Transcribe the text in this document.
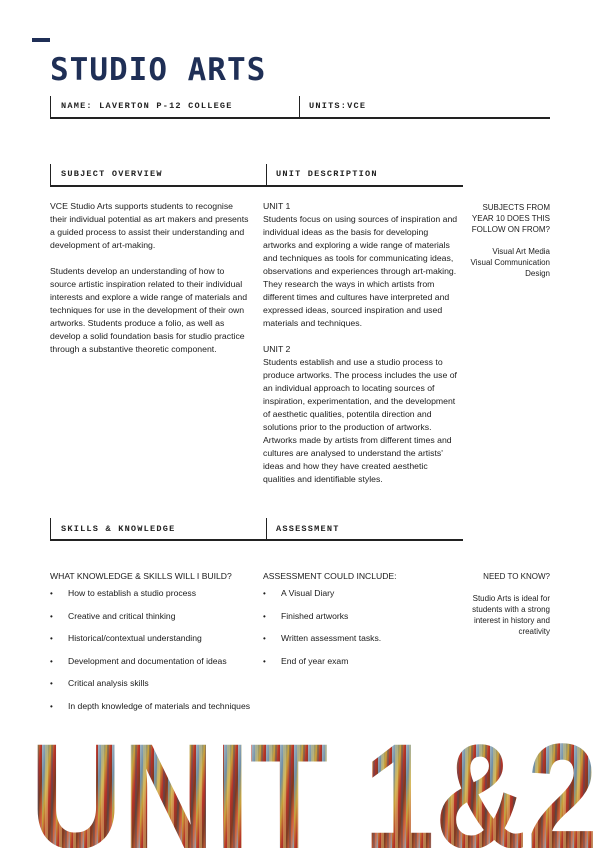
STUDIO ARTS
NAME: LAVERTON P-12 COLLEGE	UNITS:VCE
SUBJECT OVERVIEW	UNIT DESCRIPTION

VCE Studio Arts supports students to recognise their individual potential as art makers and presents a guided process to assist their understanding and development of art-making.

Students develop an understanding of how to source artistic inspiration related to their individual interests and explore a wide range of materials and techniques for use in the development of their own artworks. Students produce a folio, as well as develop a solid foundation basis for studio practice through a substantive theoretic component.

UNIT 1

Students focus on using sources of inspiration and individual ideas as the basis for developing artworks and exploring a wide range of materials and techniques as tools for communicating ideas, observations and experiences through art-making. They research the ways in which artists from different times and cultures have interpreted and expressed ideas, sourced inspiration and used materials and techniques.

UNIT 2

Students establish and use a studio process to produce artworks. The process includes the use of an individual approach to locating sources of inspiration, experimentation, and the development of aesthetic qualities, potentila direction and solutions prior to the production of artworks. Artworks made by artists from different times and cultures are analysed to understand the artists' ideas and how they have created aesthetic qualities and identifiable styles.

SUBJECTS FROM YEAR 10 DOES THIS FOLLOW ON FROM?

Visual Art Media Visual Communication Design

SKILLS & KNOWLEDGE	ASSESSMENT
WHAT KNOWLEDGE & SKILLS WILL I BUILD?
• How to establish a studio process
• Creative and critical thinking
• Historical/contextual understanding
• Development and documentation of ideas
• Critical analysis skills
• In depth knowledge of materials and techniques
ASSESSMENT COULD INCLUDE:
• A Visual Diary
• Finished artworks
• Written assessment tasks.
• End of year exam

NEED TO KNOW?

Studio Arts is ideal for students with a strong interest in history and creativity

UNIT 1&2
